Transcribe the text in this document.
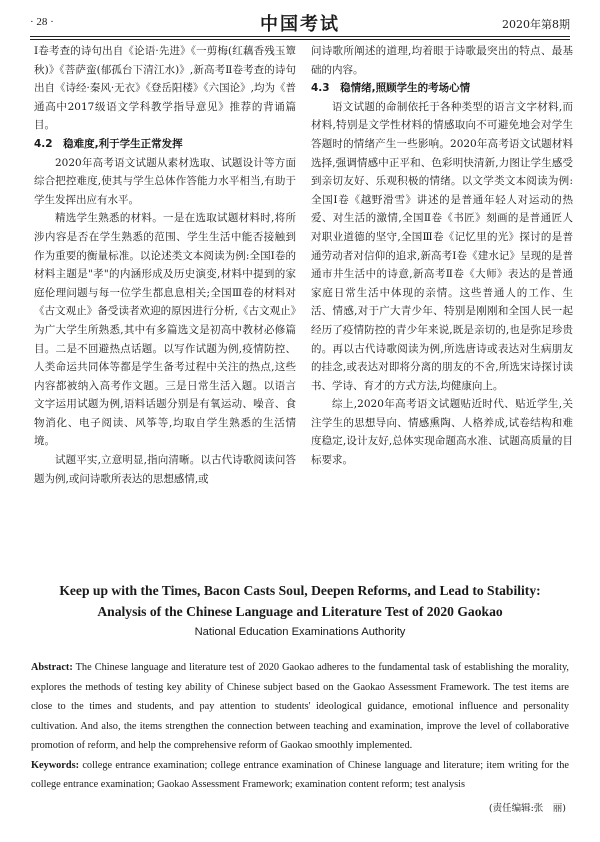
· 28 ·	中国考试	2020年第8期

Ⅰ卷考查的诗句出自《论语·先进》《一剪梅(红藕香残玉簟秋)》《菩萨蛮(郁孤台下清江水)》,新高考Ⅱ卷考查的诗句出自《诗经·秦风·无衣》《登岳阳楼》《六国论》,均为《普通高中2017级语文学科教学指导意见》推荐的背诵篇目。

4.2　稳难度,利于学生正常发挥

2020年高考语文试题从素材选取、试题设计等方面综合把控难度,使其与学生总体作答能力水平相当,有助于学生发挥出应有水平。

精选学生熟悉的材料。一是在选取试题材料时,将所涉内容是否在学生熟悉的范围、学生生活中能否接触到作为重要的衡量标准。以论述类文本阅读为例:全国Ⅰ卷的材料主题是"孝"的内涵形成及历史演变,材料中提到的家庭伦理问题与每一位学生都息息相关;全国Ⅲ卷的材料对《古文观止》备受读者欢迎的原因进行分析,《古文观止》为广大学生所熟悉,其中有多篇选文是初高中教材必修篇目。二是不回避热点话题。以写作试题为例,疫情防控、人类命运共同体等都是学生备考过程中关注的热点,这些内容都被纳入高考作文题。三是日常生活入题。以语言文字运用试题为例,语料话题分别是有氧运动、噪音、食物消化、电子阅读、风筝等,均取自学生熟悉的生活情境。

试题平实,立意明显,指向清晰。以古代诗歌阅读问答题为例,或问诗歌所表达的思想感情,或

问诗歌所阐述的道理,均着眼于诗歌最突出的特点、最基础的内容。

4.3　稳情绪,照顾学生的考场心情

语文试题的命制依托于各种类型的语言文字材料,而材料,特别是文学性材料的情感取向不可避免地会对学生答题时的情绪产生一些影响。2020年高考语文试题材料选择,强调情感中正平和、色彩明快清新,力图让学生感受到亲切友好、乐观积极的情绪。以文学类文本阅读为例:全国Ⅰ卷《越野滑雪》讲述的是普通年轻人对运动的热爱、对生活的激情,全国Ⅱ卷《书匠》刻画的是普通匠人对职业道德的坚守,全国Ⅲ卷《记忆里的光》探讨的是普通劳动者对信仰的追求,新高考Ⅰ卷《建水记》呈现的是普通市井生活中的诗意,新高考Ⅱ卷《大师》表达的是普通家庭日常生活中体现的亲情。这些普通人的工作、生活、情感,对于广大青少年、特别是刚刚和全国人民一起经历了疫情防控的青少年来说,既是亲切的,也是弥足珍贵的。再以古代诗歌阅读为例,所选唐诗或表达对生病朋友的挂念,或表达对即将分离的朋友的不舍,所选宋诗探讨读书、学诗、育才的方式方法,均健康向上。

综上,2020年高考语文试题贴近时代、贴近学生,关注学生的思想导向、情感熏陶、人格养成,试卷结构和难度稳定,设计友好,总体实现命题高水准、试题高质量的目标要求。

Keep up with the Times, Bacon Casts Soul, Deepen Reforms, and Lead to Stability:
Analysis of the Chinese Language and Literature Test of 2020 Gaokao
National Education Examinations Authority

Abstract: The Chinese language and literature test of 2020 Gaokao adheres to the fundamental task of establishing the morality, explores the methods of testing key ability of Chinese subject based on the Gaokao Assessment Framework. The test items are close to the times and students, and pay attention to students' ideological guidance, emotional influence and personality cultivation. And also, the items strengthen the connection between teaching and examination, improve the level of collaborative promotion of reform, and help the comprehensive reform of Gaokao smoothly implemented.

Keywords: college entrance examination; college entrance examination of Chinese language and literature; item writing for the college entrance examination; Gaokao Assessment Framework; examination content reform; test analysis

(责任编辑:张　丽)
